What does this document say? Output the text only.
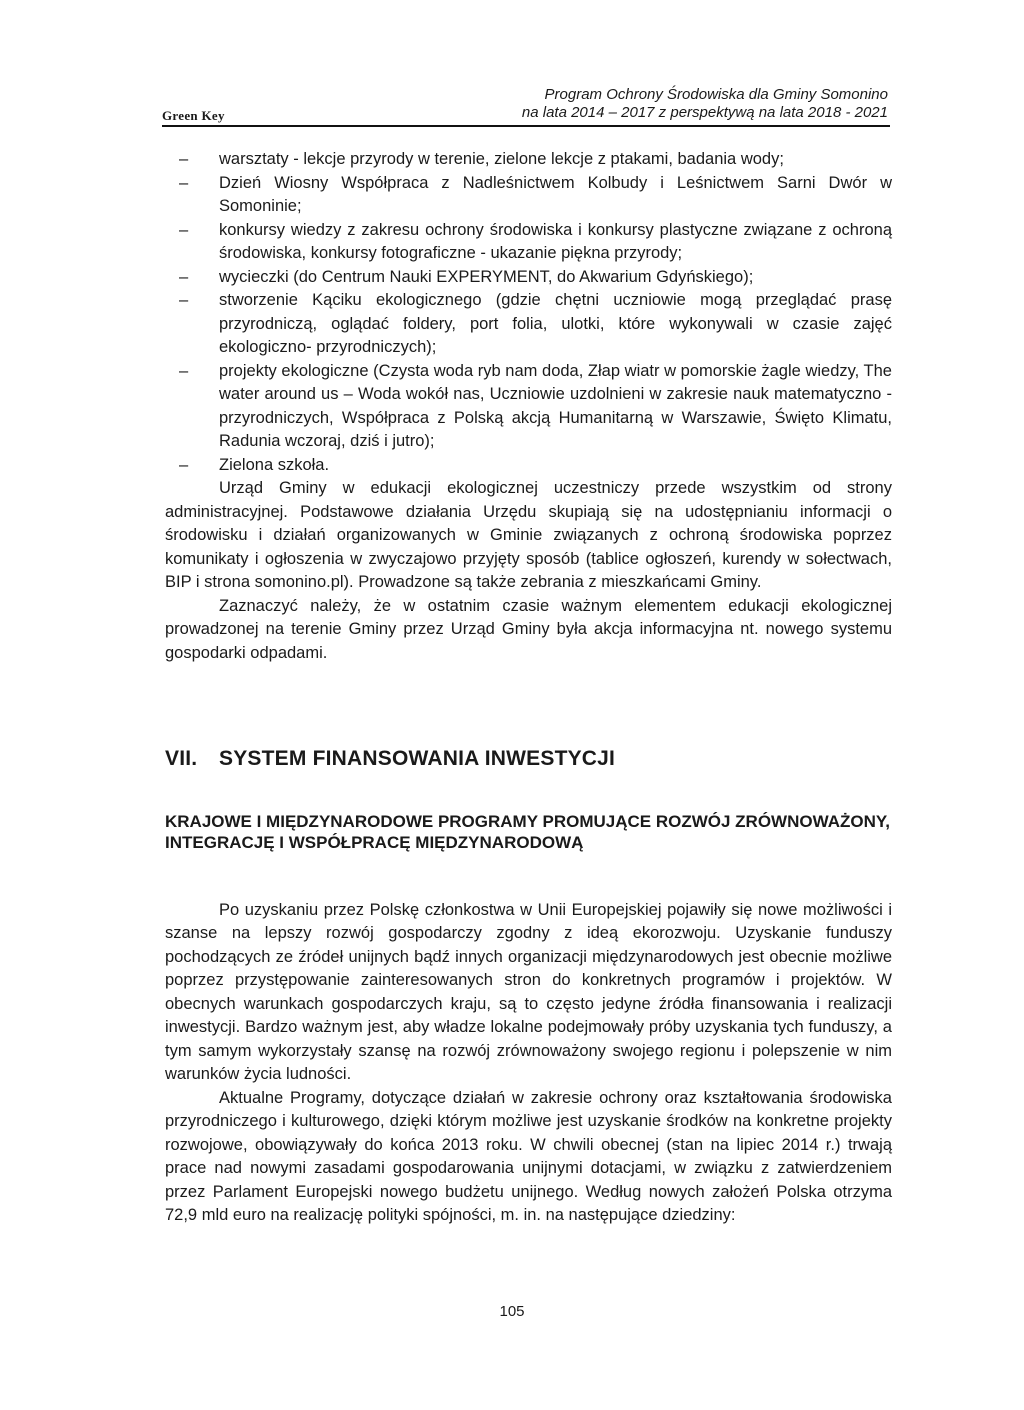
Green Key
Program Ochrony Środowiska dla Gminy Somonino
na lata 2014 – 2017 z perspektywą na lata 2018 - 2021
– warsztaty - lekcje przyrody w terenie, zielone lekcje z ptakami, badania wody;
– Dzień Wiosny Współpraca z Nadleśnictwem Kolbudy i Leśnictwem Sarni Dwór w Somoninie;
– konkursy wiedzy z zakresu ochrony środowiska i konkursy plastyczne związane z ochroną środowiska, konkursy fotograficzne - ukazanie piękna przyrody;
– wycieczki (do Centrum Nauki EXPERYMENT, do Akwarium Gdyńskiego);
– stworzenie Kąciku ekologicznego (gdzie chętni uczniowie mogą przeglądać prasę przyrodniczą, oglądać foldery, port folia, ulotki, które wykonywali w czasie zajęć ekologiczno- przyrodniczych);
– projekty ekologiczne (Czysta woda ryb nam doda, Złap wiatr w pomorskie żagle wiedzy, The water around us – Woda wokół nas, Uczniowie uzdolnieni w zakresie nauk matematyczno - przyrodniczych, Współpraca z Polską akcją Humanitarną w Warszawie, Święto Klimatu, Radunia wczoraj, dziś i jutro);
– Zielona szkoła.

Urząd Gminy w edukacji ekologicznej uczestniczy przede wszystkim od strony administracyjnej. Podstawowe działania Urzędu skupiają się na udostępnianiu informacji o środowisku i działań organizowanych w Gminie związanych z ochroną środowiska poprzez komunikaty i ogłoszenia w zwyczajowo przyjęty sposób (tablice ogłoszeń, kurendy w sołectwach, BIP i strona somonino.pl). Prowadzone są także zebrania z mieszkańcami Gminy.

Zaznaczyć należy, że w ostatnim czasie ważnym elementem edukacji ekologicznej prowadzonej na terenie Gminy przez Urząd Gminy była akcja informacyjna nt. nowego systemu gospodarki odpadami.

VII. SYSTEM FINANSOWANIA INWESTYCJI
KRAJOWE I MIĘDZYNARODOWE PROGRAMY PROMUJĄCE ROZWÓJ ZRÓWNOWAŻONY, INTEGRACJĘ I WSPÓŁPRACĘ MIĘDZYNARODOWĄ

Po uzyskaniu przez Polskę członkostwa w Unii Europejskiej pojawiły się nowe możliwości i szanse na lepszy rozwój gospodarczy zgodny z ideą ekorozwoju. Uzyskanie funduszy pochodzących ze źródeł unijnych bądź innych organizacji międzynarodowych jest obecnie możliwe poprzez przystępowanie zainteresowanych stron do konkretnych programów i projektów. W obecnych warunkach gospodarczych kraju, są to często jedyne źródła finansowania i realizacji inwestycji. Bardzo ważnym jest, aby władze lokalne podejmowały próby uzyskania tych funduszy, a tym samym wykorzystały szansę na rozwój zrównoważony swojego regionu i polepszenie w nim warunków życia ludności.

Aktualne Programy, dotyczące działań w zakresie ochrony oraz kształtowania środowiska przyrodniczego i kulturowego, dzięki którym możliwe jest uzyskanie środków na konkretne projekty rozwojowe, obowiązywały do końca 2013 roku. W chwili obecnej (stan na lipiec 2014 r.) trwają prace nad nowymi zasadami gospodarowania unijnymi dotacjami, w związku z zatwierdzeniem przez Parlament Europejski nowego budżetu unijnego. Według nowych założeń Polska otrzyma 72,9 mld euro na realizację polityki spójności, m. in. na następujące dziedziny:

105
